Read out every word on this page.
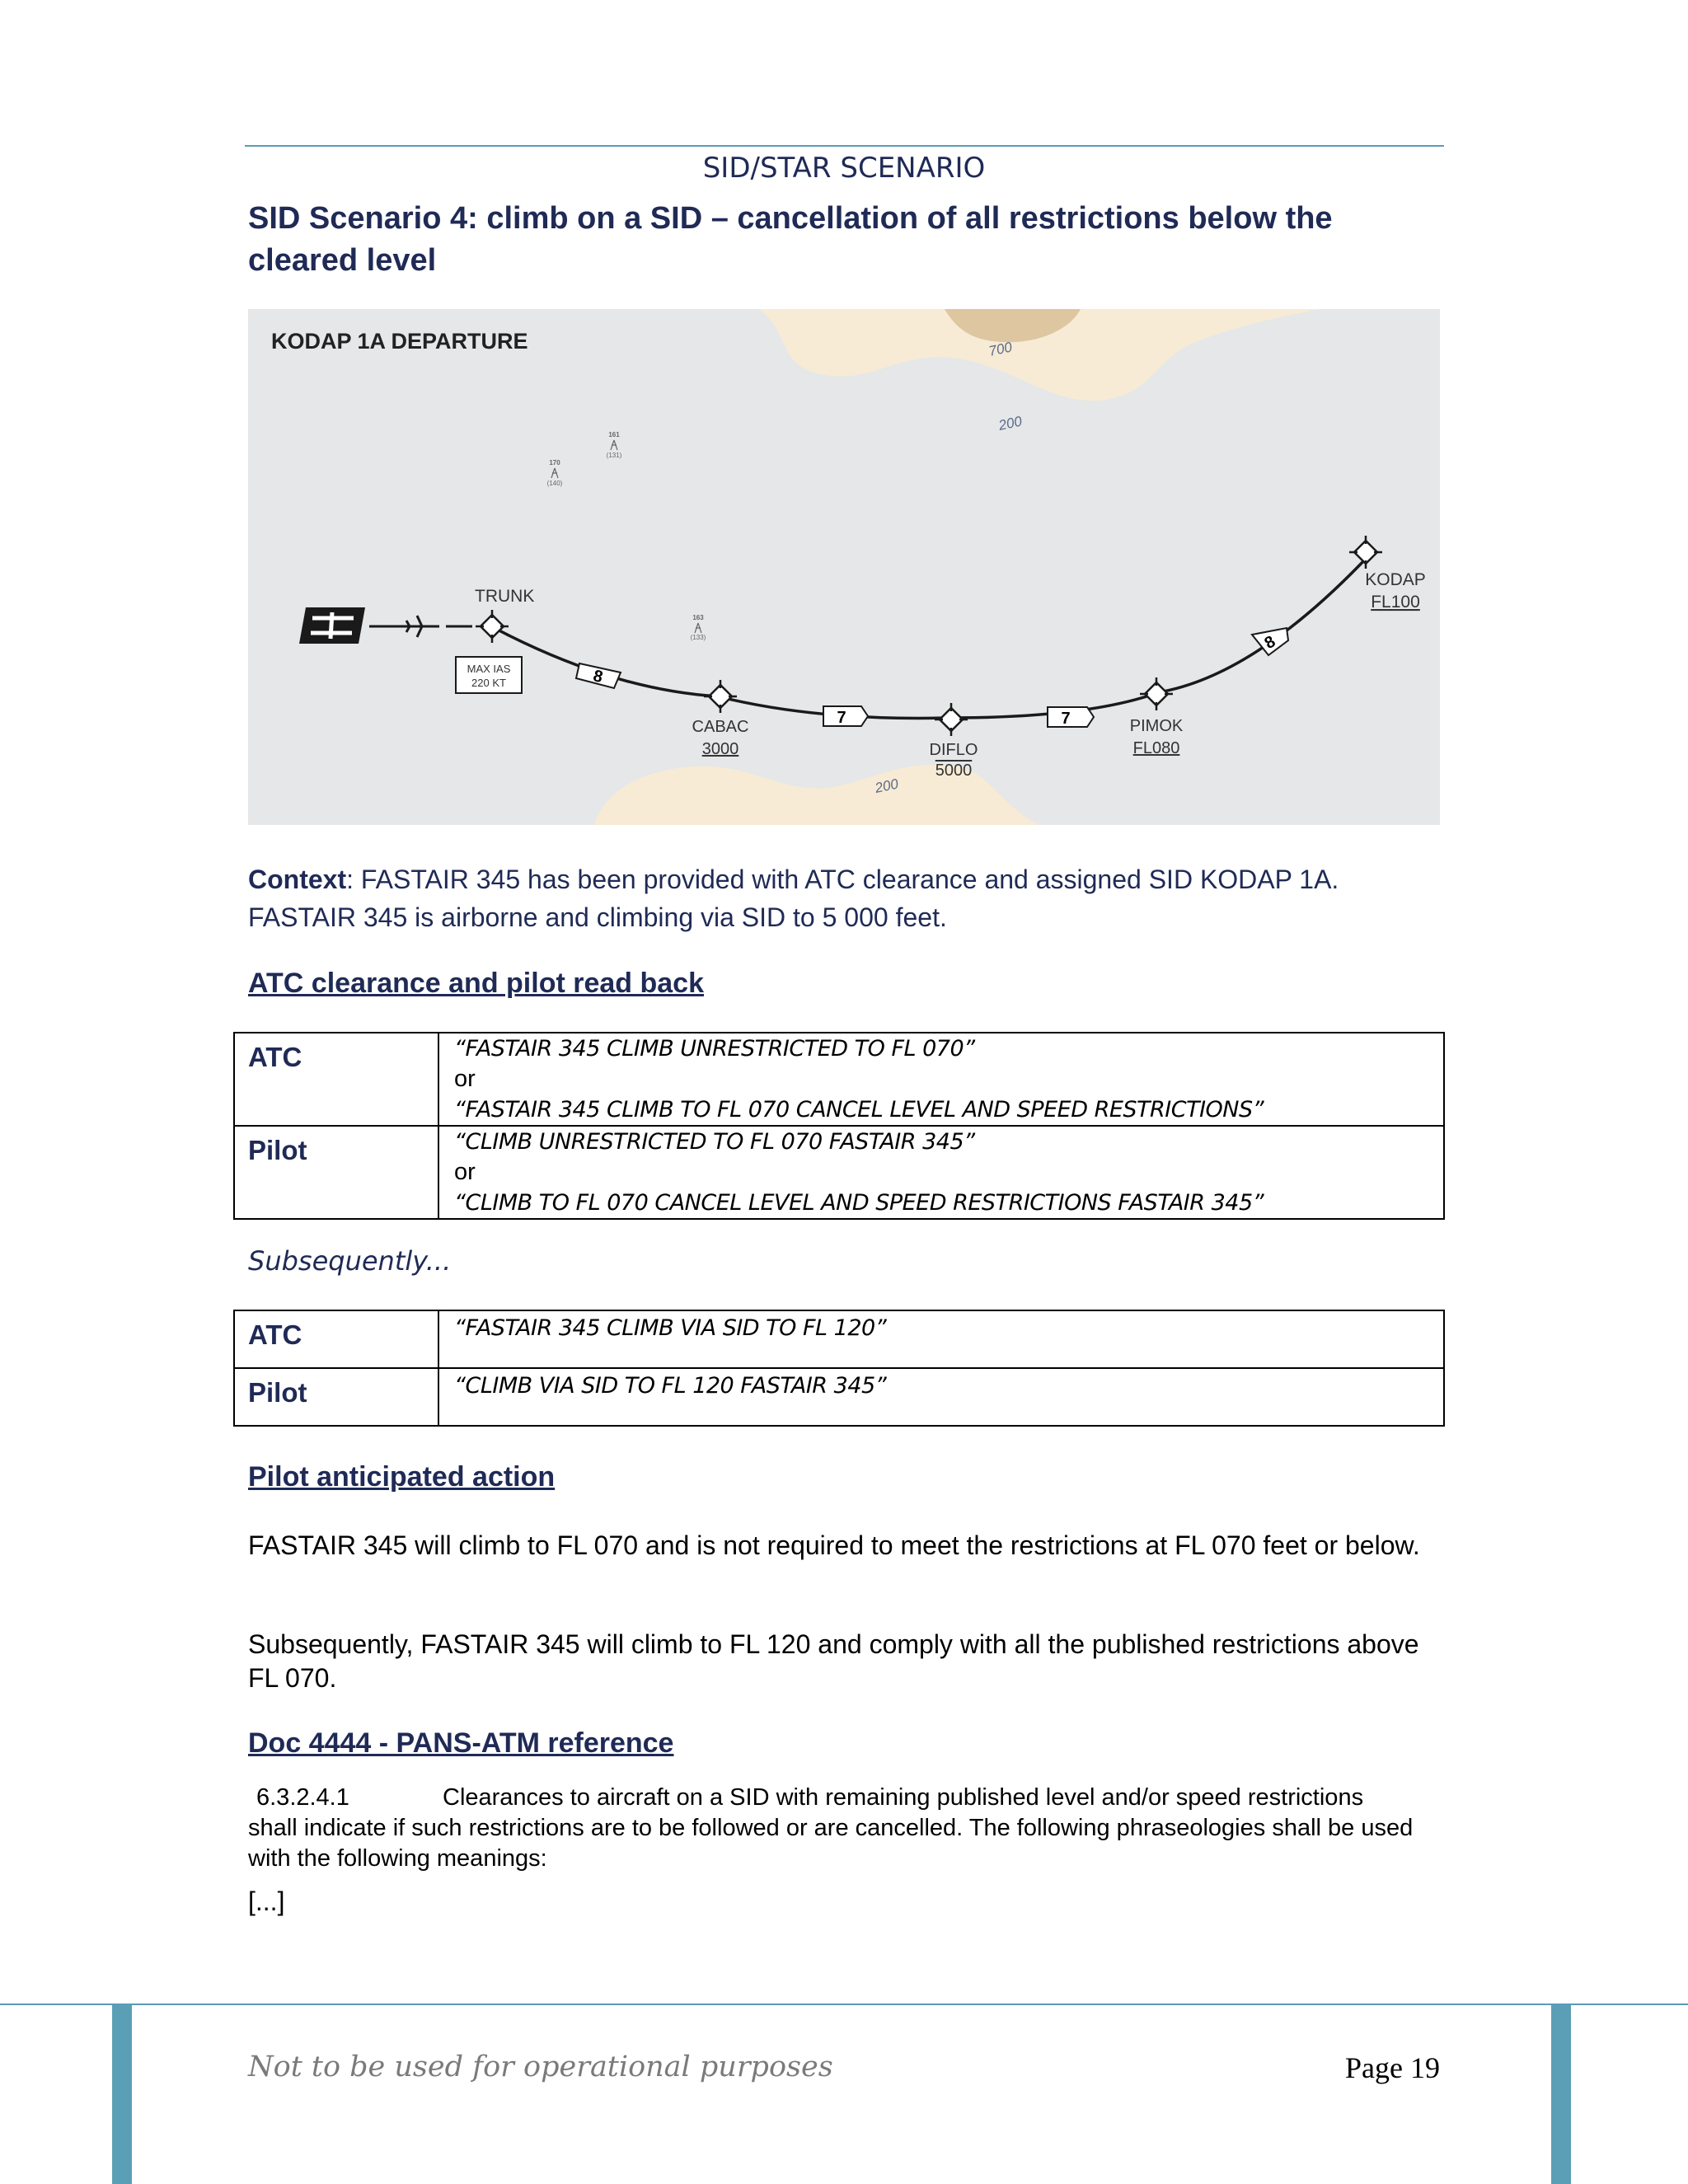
SID/STAR SCENARIO
SID Scenario 4: climb on a SID – cancellation of all restrictions below the cleared level
KODAP 1A DEPARTURE	700
200
200
170
(140)
161
(131)
163
(133)
8
7	7
8
MAX IAS
220 KT
TRUNK
CABAC
3000	DIFLO
5000
PIMOK
FL080
KODAP
FL100

Context: FASTAIR 345 has been provided with ATC clearance and assigned SID KODAP 1A. FASTAIR 345 is airborne and climbing via SID to 5 000 feet.

ATC clearance and pilot read back
ATC	“FASTAIR 345 CLIMB UNRESTRICTED TO FL 070”
or
“FASTAIR 345 CLIMB TO FL 070 CANCEL LEVEL AND SPEED RESTRICTIONS”

Pilot	“CLIMB UNRESTRICTED TO FL 070 FASTAIR 345”
or
“CLIMB TO FL 070 CANCEL LEVEL AND SPEED RESTRICTIONS FASTAIR 345”
Subsequently...
ATC	“FASTAIR 345 CLIMB VIA SID TO FL 120”

Pilot	“CLIMB VIA SID TO FL 120 FASTAIR 345”
Pilot anticipated action

FASTAIR 345 will climb to FL 070 and is not required to meet the restrictions at FL 070 feet or below.

Subsequently, FASTAIR 345 will climb to FL 120 and comply with all the published restrictions above FL 070.

Doc 4444 - PANS-ATM reference

6.3.2.4.1	Clearances to aircraft on a SID with remaining published level and/or speed restrictions shall indicate if such restrictions are to be followed or are cancelled. The following phraseologies shall be used with the following meanings:

[...]
Not to be used for operational purposes	Page 19
